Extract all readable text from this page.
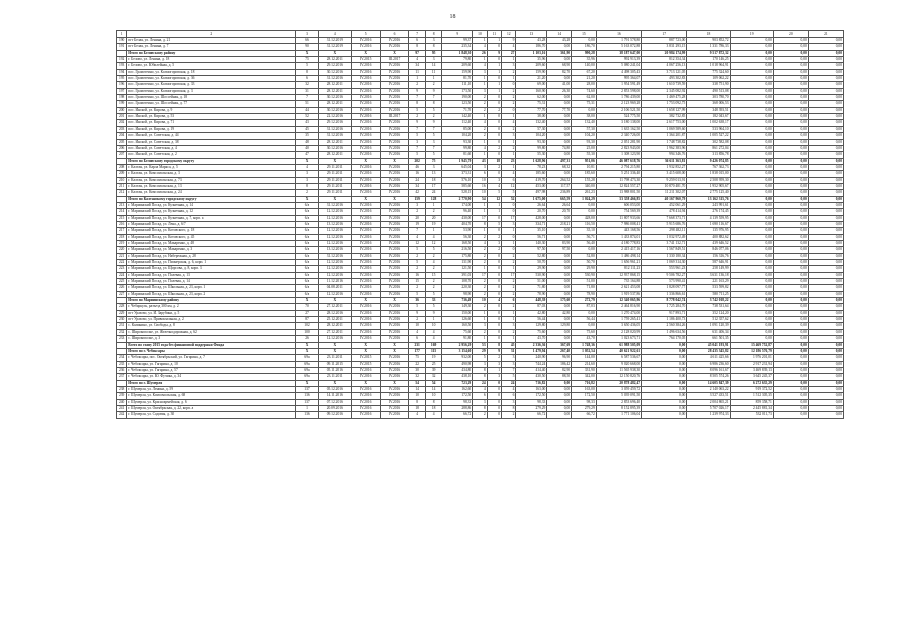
18
1	2	3	4	5	6	7	8	9	10	11	12	13	14	15	16	17	18	19	20	21
190	пгт Белая, ул. Ленина, д. 21	66	31.12.2019	IV.2016	IV.2016	6	3	99,37	1	1	9	43,28	43,28	0,00	1 791 578,80	887 723,00	903 852,72	0,00	0,00	0,00
191	пгт Белая, ул. Ленина, д. 7	90	31.12.2019	IV.2016	IV.2016	8	8	235,34	4	0	4	186,70	0,00	186,70	5 163 072,88	3 831 293,15	1 331 786,33	0,00	0,00	0,00
	Итого по Беловскому району	X	X	X	X	97	95	1 848,30	26	9	27	1 103,16	361,90	990,28	38 187 647,00	20 984 174,99	9 517 872,32	0,00	0,00	0,00
192	г. Белово, ул. Ленина, д. 18	75	28.12.2011	IV.2015	III.2017	4	3	79,80	1	0	1	35,96	0,00	35,96	992 913,39	812 354,34	170 146,25	0,00	0,00	0,00
193	г. Белово, ул. Юбилейная, д. 5	5	29.12.2016	IV.2016	IV.2016	34	14	209,60	4	1	3	209,60	68,90	140,00	5 080 241,04	4 067 256,13	1 018 964,91	0,00	0,00	0,00
194	пос. Грамотеино, ул. Колмогоровская, д. 18	8	30.12.2016	IV.2016	IV.2016	11	11	159,90	3	1	2	159,90	82,70	67,20	4 498 305,43	3 713 121,05	775 324,60	0,00	0,00	0,00
195	пос. Грамотеино, ул. Колмогоровская, д. 36	6	31.12.2016	IV.2016	IV.2016	1	1	81,70	1	0	1	21,20	0,00	21,20	995 364,07	493 302,83	109 062,22	0,00	0,00	0,00
196	пос. Грамотеино, ул. Колмогоровская, д. 33	32	28.12.2011	IV.2016	IV.2016	2	2	111,10	1	1	0	69,00	41,00	28,00	1 954 591,49	1 610 739,59	338 751,90	0,00	0,00	0,00
197	пос. Грамотеино, ул. Колмогоровская, д. 3	31	28.12.2011	IV.2016	IV.2016	9	9	173,50	3	1	2	160,90	26,30	74,60	2 853 598,00	2 345 082,92	490 513,08	0,00	0,00	0,00
198	пос. Грамотеино, ул. Шоссейная, д. 18	7	30.12.2016	IV.2016	IV.2016	7	7	190,00	2	0	2	62,00	0,00	62,00	1 786 439,00	1 469 475,28	303 780,70	0,00	0,00	0,00
199	пос. Грамотеино, ул. Шоссейная, д. 77	51	28.12.2011	IV.2016	IV.2016	8	8	123,50	2	0	2	75,31	0,00	75,31	2 123 969,28	1 753 092,75	368 006,53	0,00	0,00	0,00
200	пос. Инской, ул. Кирова, д. 9	44	30.12.2016	IV.2016	IV.2016	5	5	71,70	2	2	0	77,70	77,70	0,00	2 106 521,50	1 658 127,99	348 393,51	0,00	0,00	0,00
201	пос. Инской, ул. Кирова, д. 53	52	22.12.2016	IV.2016	III.2017	2	2	142,40	1	0	1	38,00	0,00	38,00	524 775,50	382 732,85	182 043,67	0,00	0,00	0,00
202	пос. Инской, ул. Кирова, д. 71	43	29.12.2016	IV.2016	IV.2016	9	9	112,40	4	0	4	132,40	0,00	132,40	3 180 138,00	2 617 753,00	1 002 638,17	0,00	0,00	0,00
203	пос. Инской, ул. Кирова, д. 19	45	31.12.2016	IV.2016	IV.2016	7	7	85,00	2	0	2	57,30	0,00	57,30	1 635 162,50	1 069 589,60	533 964,10	0,00	0,00	0,00
204	пос. Инской, ул. Советская, д. 44	35	31.12.2016	IV.2016	IV.2016	5	5	104,20	2	0	3	104,20	0,00	104,20	2 340 726,00	1 364 201,87	1 005 527,22	0,00	0,00	0,00
205	пос. Инской, ул. Советская, д. 38	48	28.12.2011	IV.2016	IV.2016	3	3	93,30	1	0	1	93,30	0,00	93,30	2 051 281,90	1 748 738,82	302 582,08	0,00	0,00	0,00
206	пос. Инской, ул. Советская, д. 4	40	30.12.2016	IV.2016	IV.2016	7	7	99,80	4	2	2	99,80	74,80	25,00	2 823 943,00	1 962 383,96	861 272,04	0,00	0,00	0,00
207	пос. Инской, ул. Советская, д. 2	47	28.12.2011	IV.2016	IV.2016	5	5	81,60	1	0	1	55,30	0,00	55,30	1 308 123,90	994 346,76	313 856,78	0,00	0,00	0,00
	Итого по Беловскому городскому округу	X	X	X	X	202	75	1 945,79	43	18	23	1 628,96	497,31	951,06	46 087 618,76	36 611 363,81	9 426 074,85	0,00	0,00	0,00
208	г. Калтан, ул. Карла Маркса, д. 5	4	29.11.2011	IV.2016	IV.2016	46	3	645,04	3	2	1	78,23	68,32	10,81	2 794 215,80	1 932 852,27	767 362,73	0,00	0,00	0,00
209	г. Калтан, ул. Комсомольская, д. 3	3	29.11.2011	IV.2016	IV.2016	16	13	373,31	6	0	4	185,60	0,00	185,60	5 251 336,40	3 415 608,00	1 838 015,00	0,00	0,00	0,00
210	г. Калтан, ул. Комсомольская, д. 73	3	29.11.2011	IV.2016	IV.2016	24	18	576,10	10	3	6	419,70	264,52	155,28	11 798 473,30	9 259 013,91	2 508 959,30	0,00	0,00	0,00
211	г. Калтан, ул. Комсомольская, д. 13	8	29.11.2011	IV.2016	IV.2016	34	17	585,60	16	4	12	453,00	117,57	340,00	12 824 557,27	10 870 481,70	1 952 905,67	0,00	0,00	0,00
212	г. Калтан, ул. Комсомольская, д. 24	2	29.11.2011	IV.2016	IV.2016	42	24	528,15	10	5	5	497,98	236,89	261,23	13 988 801,50	11 211 302,07	2 775 125,40	0,00	0,00	0,00
	Итого по Калтанскому городскому округу	X	X	X	X	159	128	2 770,90	54	12	52	1 675,00	665,59	1 024,29	53 358 466,85	40 167 960,79	13 162 315,76	0,00	0,00	0,00
213	г. Мариинский Посад, ул. Кузнечная, д. 14	6/а	31.12.2016	IV.2016	IV.2016	3	1	174,00	1	1	0	26,64	26,64	0,00	606 053,00	452 061,29	243 991,61	0,00	0,00	0,00
214	г. Мариинский Посад, ул. Кузнечная, д. 12	6/а	12.12.2016	IV.2016	IV.2016	2	2	96,40	1	1	0	20,70	20,70	0,00	754 569,39	478 414,94	276 174,45	0,00	0,00	0,00
215	г. Мариинский Посад, ул. Кузнечная, д. 7, корп. а	6/а	12.12.2016	IV.2016	IV.2016	20	20	430,00	17	0	17	428,00	0,00	428,00	11 807 933,66	7 668 373,71	4 139 559,95	0,00	0,00	0,00
216	г. Мариинский Посад, ул. Лена, д. 6/7	6/а	13.12.2016	IV.2016	IV.2016	19	19	404,70	8	5	3	334,71	218,21	116,50	7 986 008,41	5 915 686,76	1 690 116,67	0,00	0,00	0,00
217	г. Мариинский Посад, ул. Котовского, д. 18	6/а	12.12.2016	IV.2016	IV.2016	7	1	53,90	1	0	1	35,10	0,00	35,10	443 168,56	298 482,11	135 976,95	0,00	0,00	0,00
218	г. Мариинский Посад, ул. Котовского, д. 45	6/а	12.12.2016	IV.2016	IV.2016	4	4	56,30	2	2	0	56,71	0,00	56,71	1 433 874,01	1 032 972,49	400 882,62	0,00	0,00	0,00
219	г. Мариинский Посад, ул. Макаренко, д. 48	6/а	12.12.2016	IV.2016	IV.2016	12	12	168,50	4	3	1	140,30	83,90	56,40	4 180 778,83	3 741 132,71	439 646,52	0,00	0,00	0,00
220	г. Мариинский Посад, ул. Макаренко, д. 3	6/а	13.12.2016	IV.2016	IV.2016	5	5	216,50	2	2	0	97,50	97,50	0,00	2 415 417,16	1 567 849,51	846 077,06	0,00	0,00	0,00
221	г. Мариинский Посад, ул. Набережная, д. 28	6/а	31.12.2016	IV.2016	IV.2016	2	2	175,80	2	0	2	52,80	0,00	52,80	1 486 498,14	1 330 180,34	156 316,76	0,00	0,00	0,00
222	г. Мариинский Посад, ул. Пионерская, д. 6, корп. 1	6/а	12.12.2016	IV.2016	IV.2016	5	4	131,90	2	0	2	50,70	0,00	50,70	1 656 961,21	1 069 314,30	587 646,91	0,00	0,00	0,00
223	г. Мариинский Посад, ул. Щорсова, д. 8, корп. 3	6/а	12.12.2016	IV.2016	IV.2016	2	2	121,50	1	0	1	29,90	0,00	29,90	812 111,23	553 961,23	258 149,99	0,00	0,00	0,00
224	г. Мариинский Посад, ул. Полевая, д. 13	6/а	12.12.2016	IV.2016	IV.2016	16	15	391,03	17	0	17	530,90	0,00	530,90	12 937 868,15	9 506 782,27	3 631 136,18	0,00	0,00	0,00
225	г. Мариинский Посад, ул. Полевая, д. 14	6/а	11.12.2016	IV.2016	IV.2016	15	2	108,70	2	0	2	51,00	0,00	51,00	735 164,88	573 990,41	221 163,29	0,00	0,00	0,00
226	г. Мариинский Посад, ул. Школьная, д. 23, корп. 1	6/а	04.08.2011	IV.2016	IV.2016	2	2	220,30	2	0	2	71,80	0,00	71,80	2 621 453,08	1 828 097,77	533 599,82	0,00	0,00	0,00
227	г. Мариинский Посад, ул. Школьная, д. 23, корп. 2	6/а	12.12.2016	IV.2016	IV.2016	5	5	98,90	2	0	2	78,90	0,00	78,90	1 919 537,86	1 336 866,61	580 711,25	0,00	0,00	0,00
	Итого по Мариинскому району	X	X	X	X	36	33	736,49	10	4	6	448,39	175,60	272,79	12 340 065,96	8 778 042,74	3 742 018,22	0,00	0,00	0,00
228	г. Чебаркуль, разъезд 300 км, д. 2	70	27.12.2011	IV.2016	IV.2016	5	5	149,30	2	0	2	87,03	0,00	87,03	2 464 816,90	1 725 284,70	738 531,64	0,00	0,00	0,00
229	пгт Уразово, ул. И. Зарубина, д. 5	27	28.12.2016	IV.2016	IV.2016	9	9	150,00	1	0	1	42,80	42,80	0,00	1 270 474,00	917 893,71	352 124,20	0,00	0,00	0,00
230	пгт Уразово, ул. Привокзальная, д. 2	87	25.12.2011	IV.2016	IV.2016	2	1	126,60	1	0	1	56,44	0,00	56,44	1 759 265,41	1 186 400,73	512 357,62	0,00	0,00	0,00
231	с. Калинино, ул. Свободы, д. 8	102	28.12.2011	IV.2016	IV.2016	10	10	160,50	3	0	3	129,80	129,80	0,00	3 650 436,05	2 560 384,26	1 091 120,39	0,00	0,00	0,00
232	с. Широкополье, ул. Железнодорожная, д. 62	100	27.12.2011	IV.2016	IV.2016	4	4	75,60	2	0	2	75,60	0,00	75,60	2 128 020,99	1 496 634,56	631 406,34	0,00	0,00	0,00
233	с. Широкополье, д. 3	26	12.12.2016	IV.2016	IV.2016	6	4	91,80	1	0	1	43,70	0,00	43,70	1 023 673,71	764 170,05	661 501,35	0,00	0,00	0,00
	Всего по этапу 2015 года без финансовой поддержки Фонда	X	X	X	X	231	169	2 956,29	53	8	45	2 336,36	367,69	1 748,36	61 988 505,09	0,00	45 041 193,91	15 469 752,87	0,00	0,00
	Итого по г. Чебоксары	X	X	X	X	177	115	3 154,60	29	9	31	1 479,94	267,40	1 052,54	40 621 922,61	0,00	28 435 345,82	12 186 576,79	0,00	0,00
234	г. Чебоксары, пос. Октябрьский, ул. Гагарина, д. 7	69а	23.11.2011	IV.2015	IV.2016	75	19	932,00	5	2	3	240,90	96,90	144,00	6 587 536,67	0,00	4 611 425,66	1 976 201,01	0,00	0,00
235	г. Чебоксары, ул. Гагарина, д. 10	69а	09.11.2015	IV.2015	IV.2016	22	25	490,98	3	3	3	744,24	186,42	214,60	9 020 668,00	0,00	6 986 236,60	2 917 231,94	0,00	0,00
236	г. Чебоксары, ул. Гагарина, д. 57	69а	05.11.2016	IV.2016	IV.2016	30	39	434,80	8	1	7	414,40	82,90	331,90	11 565 938,30	0,00	8 096 161,67	3 469 839,13	0,00	0,00
237	г. Чебоксары, ул. Ю. Фучика, д. 34	69а	23.11.2011	IV.2016	IV.2016	32	32	438,10	8	3	5	430,50	88,50	342,00	12 150 820,76	0,00	8 505 574,26	3 645 245,37	0,00	0,00
	Итого по г. Шумерля	X	X	X	X	54	54	723,29	24	0	24	716,82	0,00	716,82	20 878 482,47	0,00	14 605 847,39	6 272 635,29	0,00	0,00
238	г. Шумерля, ул. Ленина, д. 59	137	05.12.2016	IV.2016	IV.2016	14	14	162,60	4	0	4	163,00	0,00	163,00	3 059 459,72	0,00	2 140 063,22	919 372,52	0,00	0,00
239	г. Шумерля, ул. Комсомольская, д. 68	136	14.11.2016	IV.2016	IV.2016	10	10	172,50	6	0	6	172,50	0,00	172,50	5 039 091,50	0,00	3 527 433,51	1 512 305,35	0,00	0,00
240	г. Шумерля, ул. Красноармейская, д. 6	137	07.12.2016	IV.2016	IV.2016	8	8	98,33	3	0	3	98,33	0,00	98,33	2 853 696,40	0,00	2 004 865,21	859 358,71	0,00	0,00
241	г. Шумерля, ул. Октябрьская, д. 22, корп. а	1	20.09.2016	IV.2016	IV.2016	18	18	288,86	8	0	8	279,29	0,00	279,29	8 152 895,39	0,00	5 707 026,17	2 445 881,34	0,00	0,00
242	г. Шумерля, ул. Садовая, д. 30	136	09.12.2016	IV.2016	IV.2016	4	4	66,72	2	0	2	66,72	0,00	66,72	1 771 106,04	0,00	1 239 974,33	532 011,73	0,00	0,00
